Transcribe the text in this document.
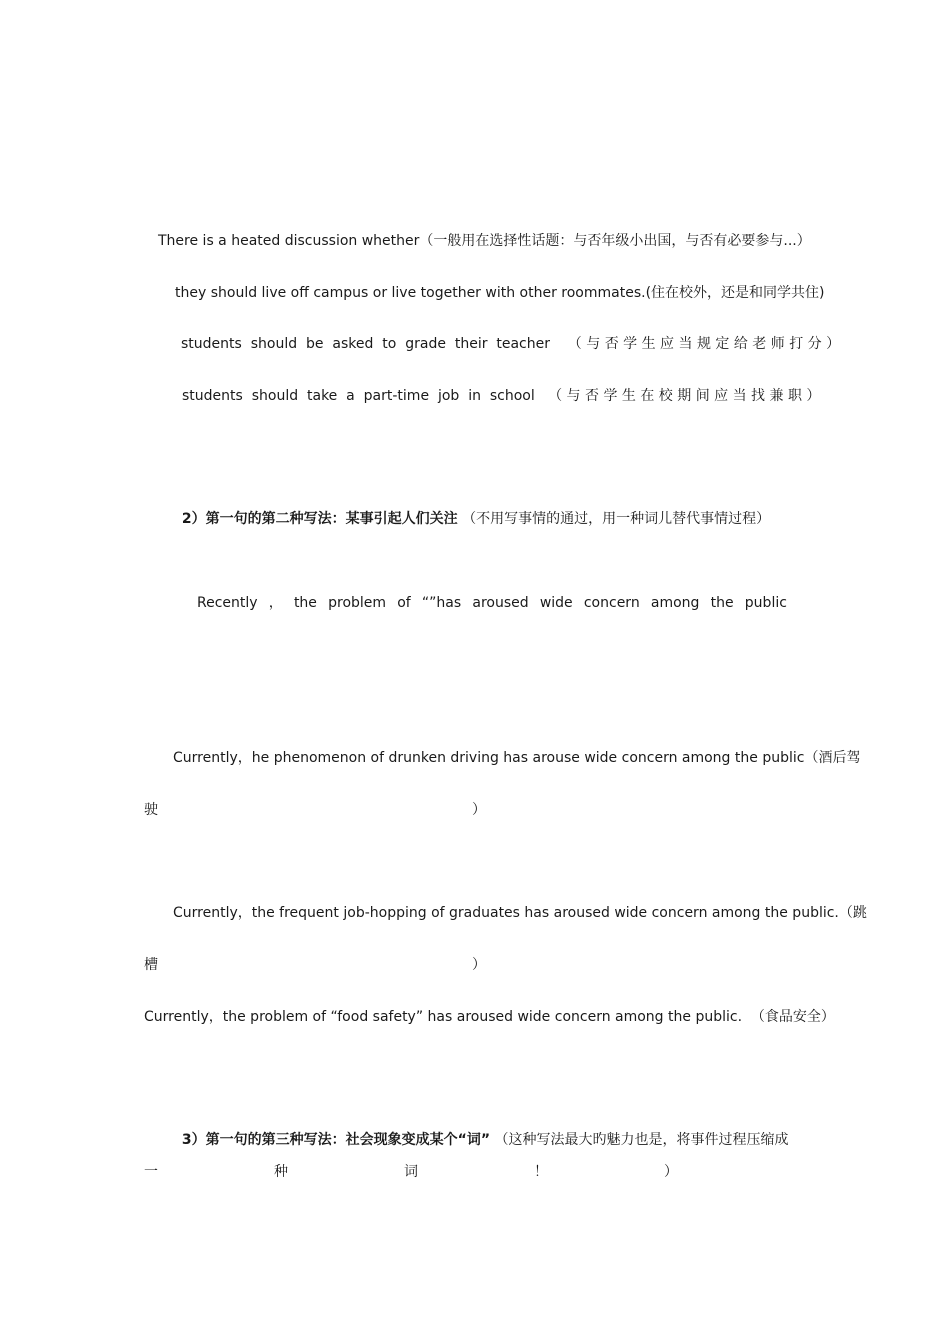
There is a heated discussion whether（一般用在选择性话题：与否年级小出国，与否有必要参与...）
they should live off campus or live together with other roommates.(住在校外，还是和同学共住)
students  should  be  asked  to  grade  their  teacher    （ 与 否 学 生 应 当 规 定 给 老 师 打 分 ）
students  should  take  a  part-time  job  in  school   （ 与 否 学 生 在 校 期 间 应 当 找 兼 职 ）

2）第一句的第二种写法：某事引起人们关注 （不用写事情的通过，用一种词儿替代事情过程）

Recently ， the problem of “”has aroused wide concern among the public
Currently，he phenomenon of drunken driving has arouse wide concern among the public（酒后驾
驶	）
Currently，the frequent job-hopping of graduates has aroused wide concern among the public.（跳
槽	）
Currently，the problem of “food safety” has aroused wide concern among the public.  （食品安全）

3）第一句的第三种写法：社会现象变成某个“词” （这种写法最大旳魅力也是，将事件过程压缩成

一	种	词	！	）
